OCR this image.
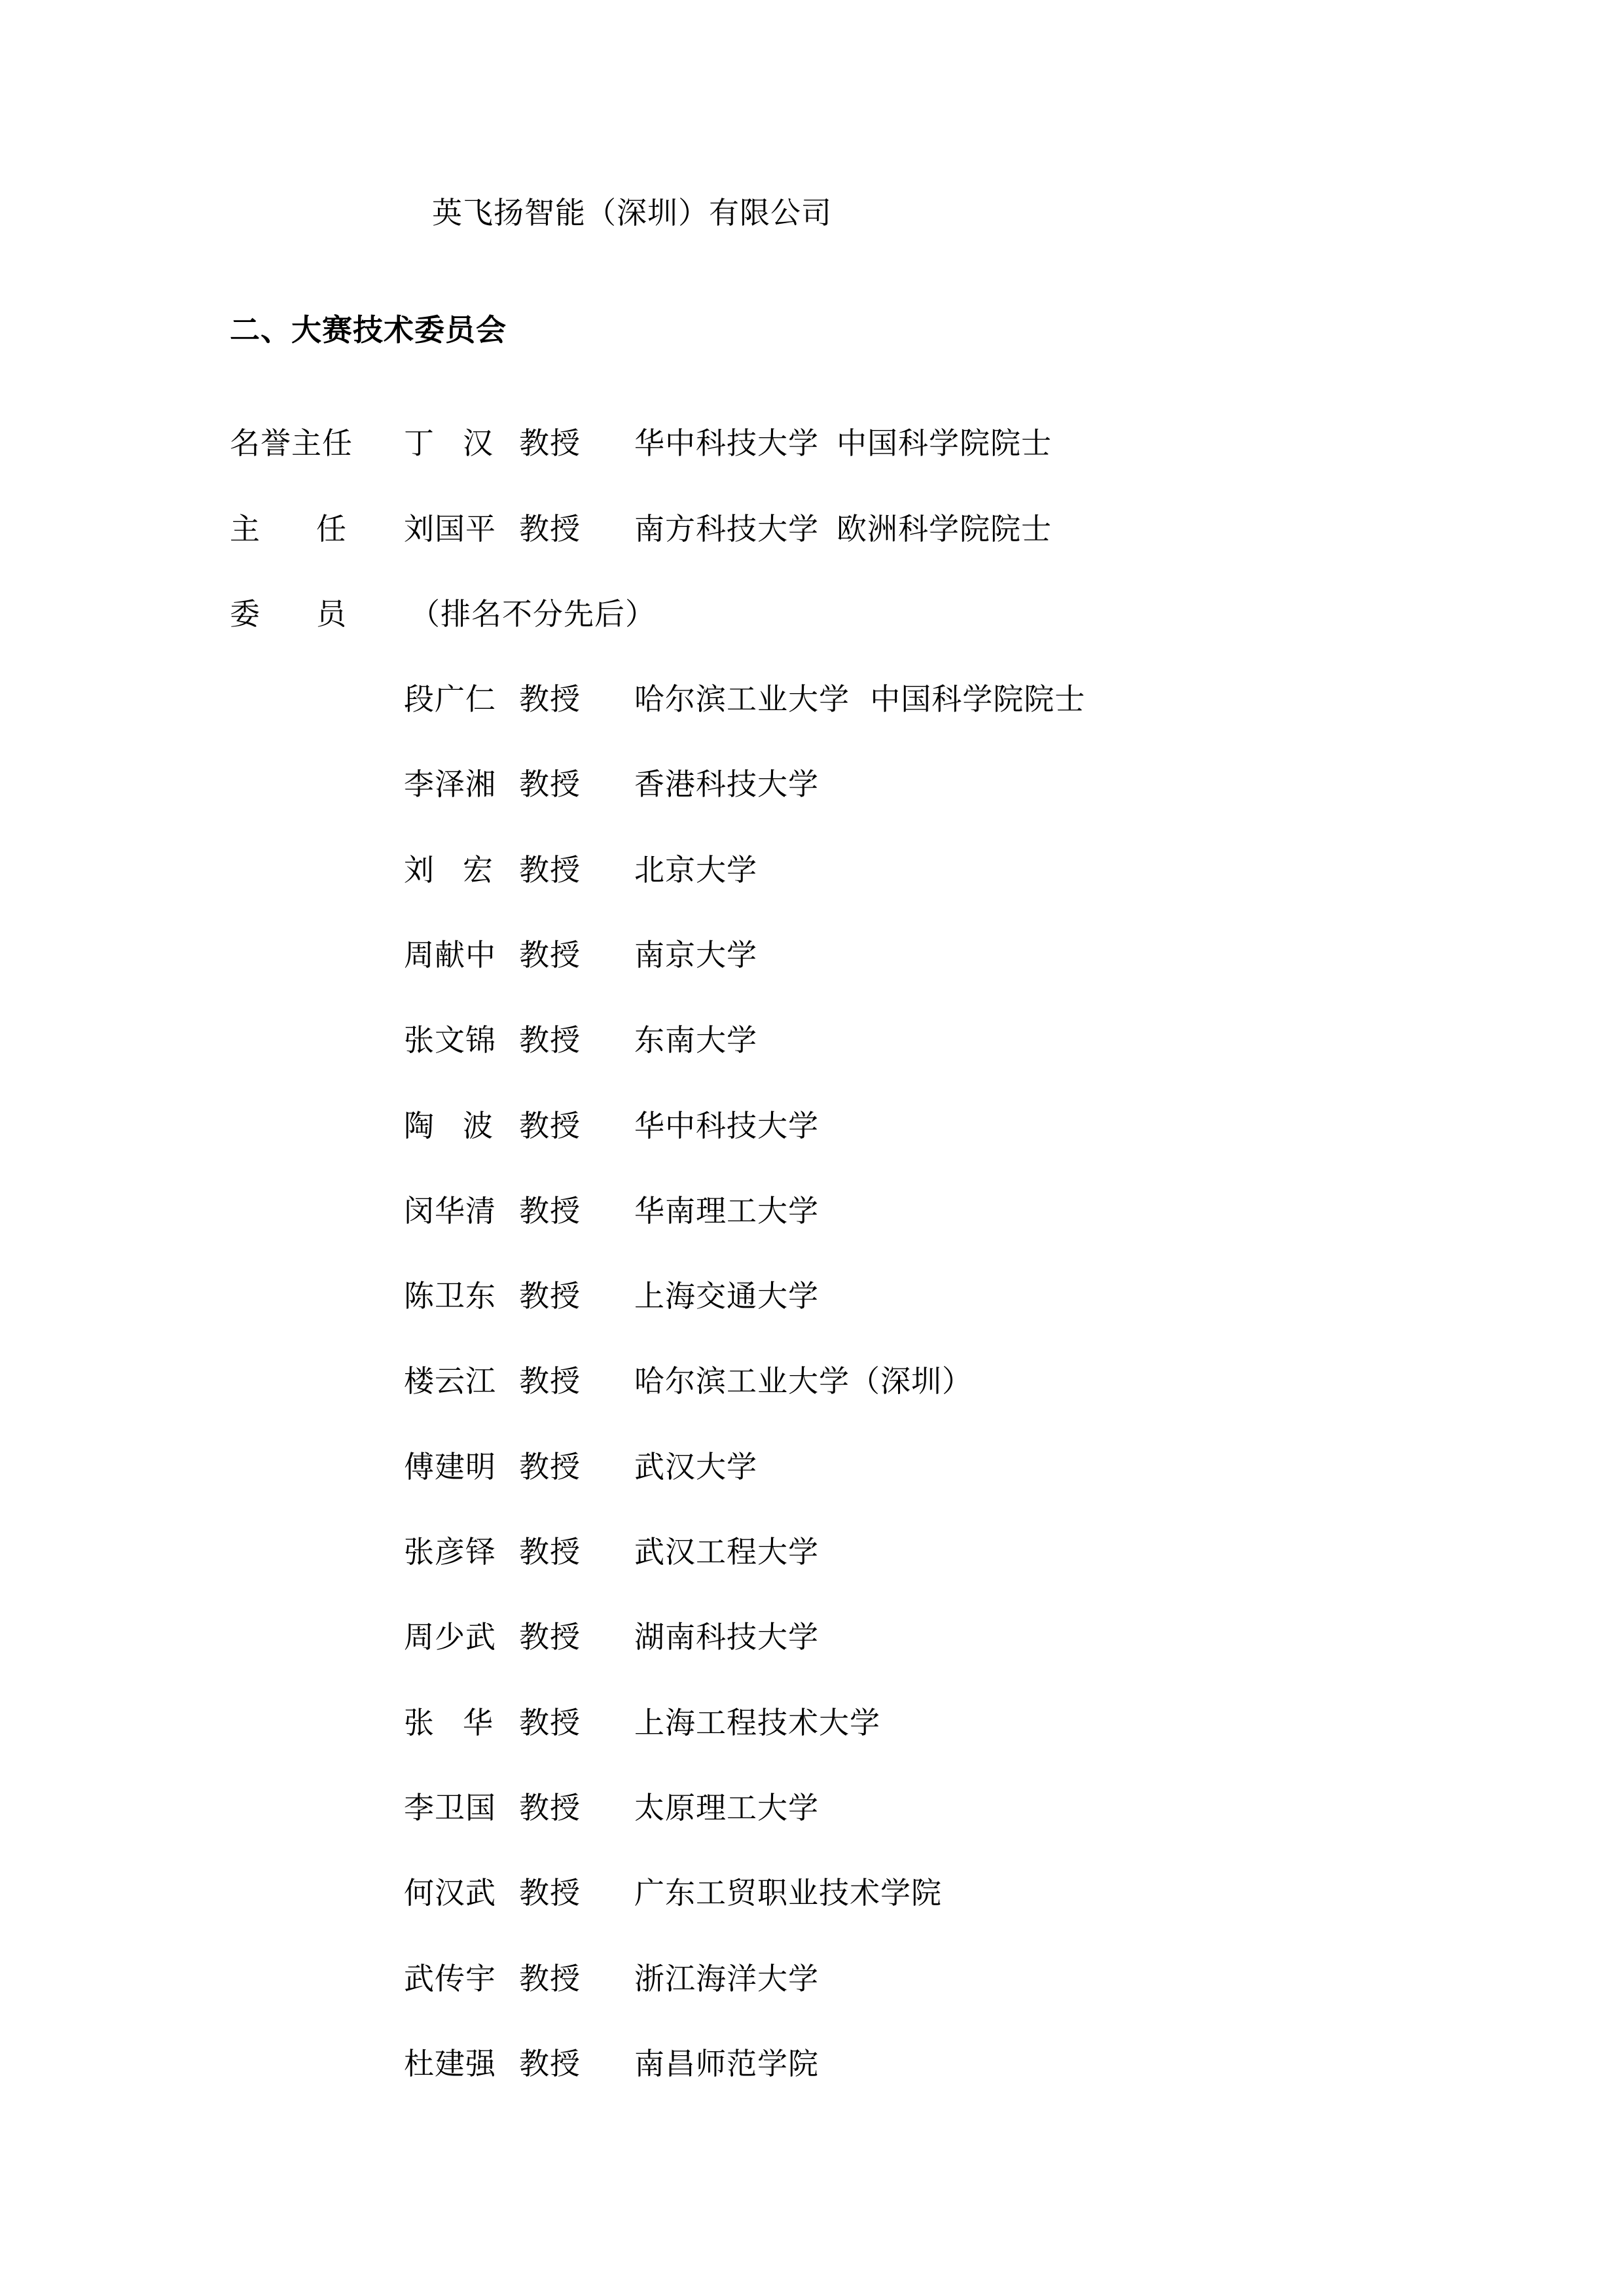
英飞扬智能（深圳）有限公司
二、大赛技术委员会
名誉主任 丁汉
教授 华中科技大学 中国科学院院士
主任 刘国平 教授 南方科技大学 欧洲科学院院士
委员 （排名不分先后）
段广仁 教授 哈尔滨工业大学  中国科学院院士
李泽湘 教授 香港科技大学
刘宏
教授 北京大学
周献中 教授 南京大学
张文锦 教授 东南大学
陶波
教授 华中科技大学
闵华清 教授 华南理工大学
陈卫东 教授 上海交通大学
楼云江 教授 哈尔滨工业大学（深圳）
傅建明 教授 武汉大学
张彦铎 教授 武汉工程大学
周少武 教授 湖南科技大学
张华
教授 上海工程技术大学
李卫国 教授 太原理工大学
何汉武 教授 广东工贸职业技术学院
武传宇 教授 浙江海洋大学
杜建强 教授 南昌师范学院
